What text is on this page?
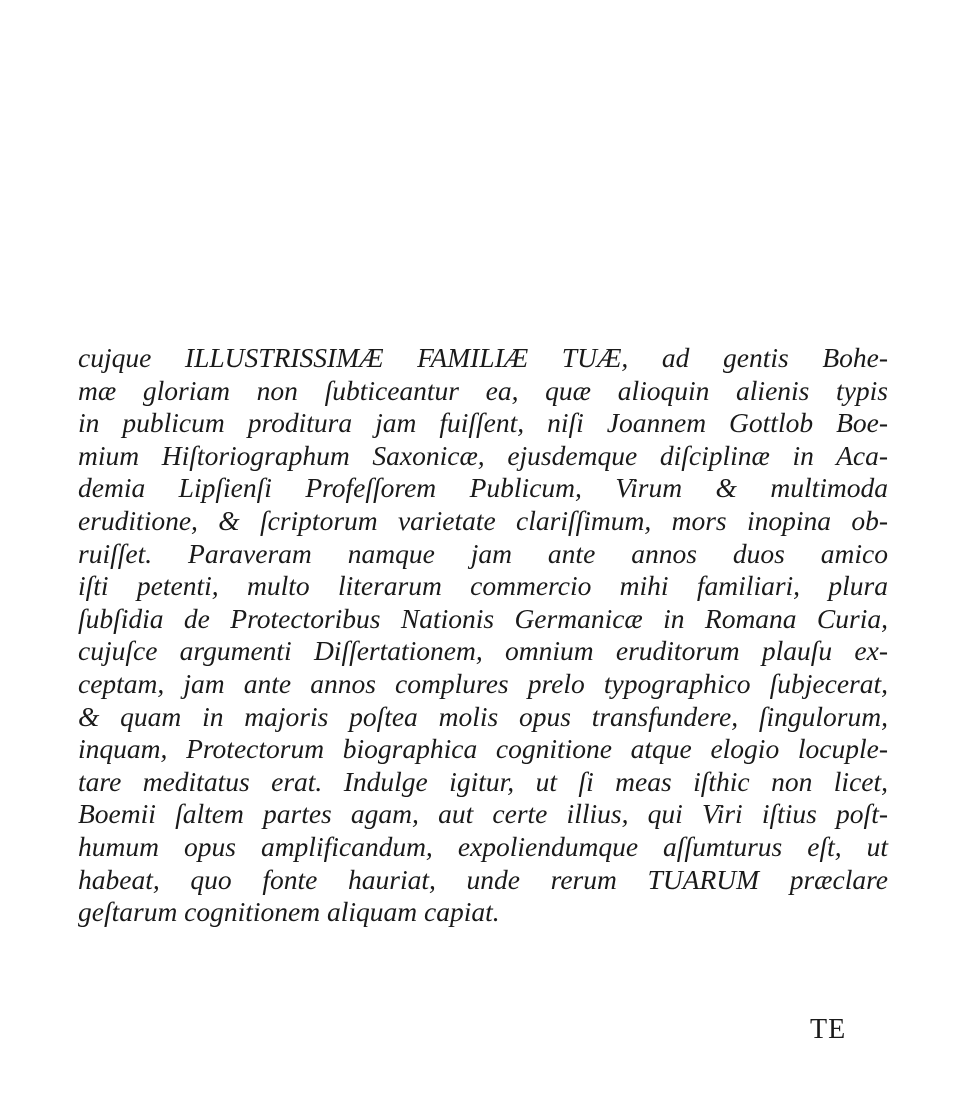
cujque ILLUSTRISSIMÆ FAMILIÆ TUÆ, ad gentis Bohe-
mæ gloriam non ſubticeantur ea, quæ alioquin alienis typis
in publicum proditura jam fuiſſent, niſi Joannem Gottlob Boe-
mium Hiſtoriographum Saxonicæ, ejusdemque diſciplinæ in Aca-
demia Lipſienſi Profeſſorem Publicum, Virum & multimoda
eruditione, & ſcriptorum varietate clariſſimum, mors inopina ob-
ruiſſet. Paraveram namque jam ante annos duos amico
iſti petenti, multo literarum commercio mihi familiari, plura
ſubſidia de Protectoribus Nationis Germanicæ in Romana Curia,
cujuſce argumenti Diſſertationem, omnium eruditorum plauſu ex-
ceptam, jam ante annos complures prelo typographico ſubjecerat,
& quam in majoris poſtea molis opus transfundere, ſingulorum,
inquam, Protectorum biographica cognitione atque elogio locuple-
tare meditatus erat. Indulge igitur, ut ſi meas iſthic non licet,
Boemii ſaltem partes agam, aut certe illius, qui Viri iſtius poſt-
humum opus amplificandum, expoliendumque aſſumturus eſt, ut
habeat, quo fonte hauriat, unde rerum TUARUM præclare
geſtarum cognitionem aliquam capiat.
TE
